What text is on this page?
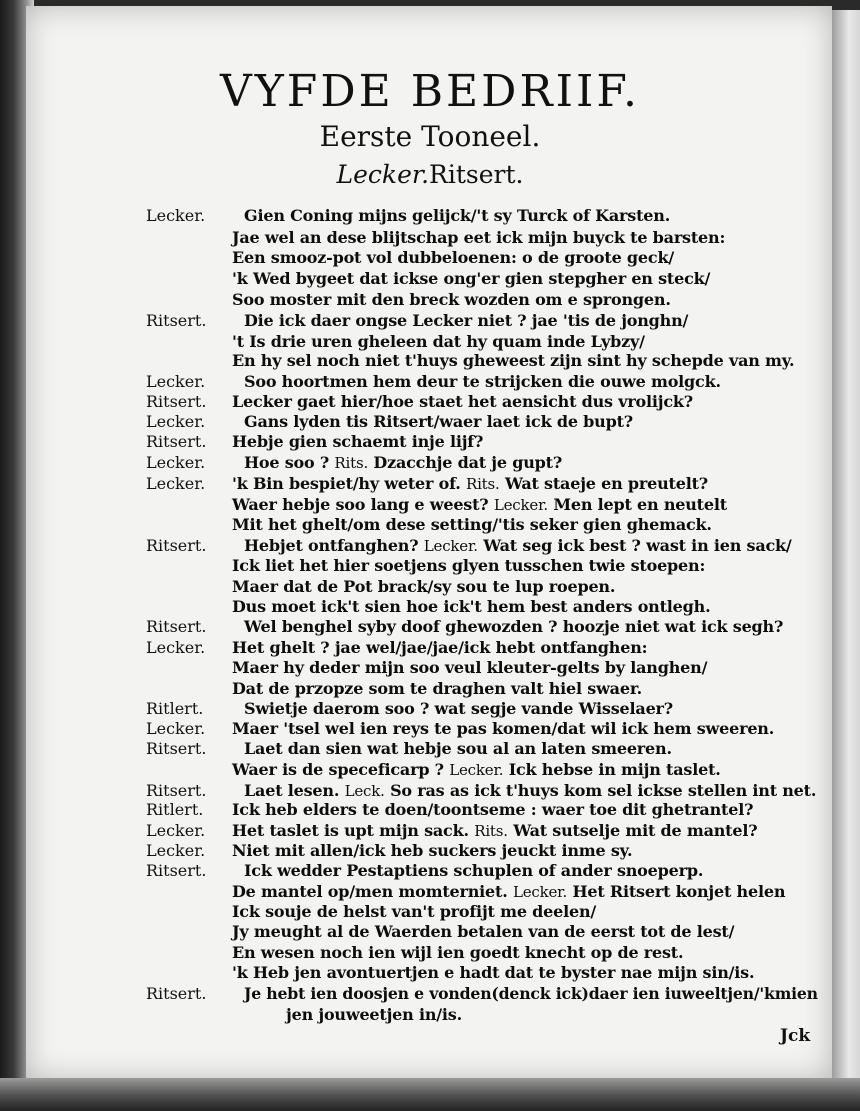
VYFDE BEDRIIF.
Eerste Tooneel.
Lecker.Ritsert.
Lecker.
Ritsert.
Lecker.
Ritsert.
Lecker.
Ritsert.
Lecker.
Lecker.
Ritsert.
Ritsert.
Lecker.
Ritlert.
Lecker.
Ritsert.
Ritsert.
Ritlert.
Lecker.
Lecker.
Ritsert.
Ritsert.
Gien Coning mijns gelijck/'t sy Turck of Karsten.
Jae wel an dese blijtschap eet ick mijn buyck te barsten:
Een smooz-pot vol dubbeloenen: o de groote geck/
'k Wed bygeet dat ickse ong'er gien stepgher en steck/
Soo moster mit den breck wozden om e sprongen.
Die ick daer ongse Lecker niet ? jae 'tis de jonghn/
't Is drie uren gheleen dat hy quam inde Lybzy/
En hy sel noch niet t'huys gheweest zijn sint hy schepde van my.
Soo hoortmen hem deur te strijcken die ouwe molgck.
Lecker gaet hier/hoe staet het aensicht dus vrolijck?
Gans lyden tis Ritsert/waer laet ick de bupt?
Hebje gien schaemt inje lijf?
Hoe soo ? Rits. Dzacchje dat je gupt?
'k Bin bespiet/hy weter of. Rits. Wat staeje en preutelt?
Waer hebje soo lang e weest? Lecker. Men lept en neutelt
Mit het ghelt/om dese setting/'tis seker gien ghemack.
Hebjet ontfanghen? Lecker. Wat seg ick best ? wast in ien sack/
Ick liet het hier soetjens glyen tusschen twie stoepen:
Maer dat de Pot brack/sy sou te lup roepen.
Dus moet ick't sien hoe ick't hem best anders ontlegh.
Wel benghel syby doof ghewozden ? hoozje niet wat ick segh?
Het ghelt ? jae wel/jae/jae/ick hebt ontfanghen:
Maer hy deder mijn soo veul kleuter-gelts by langhen/
Dat de przopze som te draghen valt hiel swaer.
Swietje daerom soo ? wat segje vande Wisselaer?
Maer 'tsel wel ien reys te pas komen/dat wil ick hem sweeren.
Laet dan sien wat hebje sou al an laten smeeren.
Waer is de speceficarp ? Lecker. Ick hebse in mijn taslet.
Laet lesen. Leck. So ras as ick t'huys kom sel ickse stellen int net.
Ick heb elders te doen/toontseme : waer toe dit ghetrantel?
Het taslet is upt mijn sack. Rits. Wat sutselje mit de mantel?
Niet mit allen/ick heb suckers jeuckt inme sy.
Ick wedder Pestaptiens schuplen of ander snoeperp.
De mantel op/men momterniet. Lecker. Het Ritsert konjet helen
Ick souje de helst van't profijt me deelen/
Jy meught al de Waerden betalen van de eerst tot de lest/
En wesen noch ien wijl ien goedt knecht op de rest.
'k Heb jen avontuertjen e hadt dat te byster nae mijn sin/is.
Je hebt ien doosjen e vonden(denck ick)daer ien iuweeltjen/'kmien
jen jouweetjen in/is.
Jck
